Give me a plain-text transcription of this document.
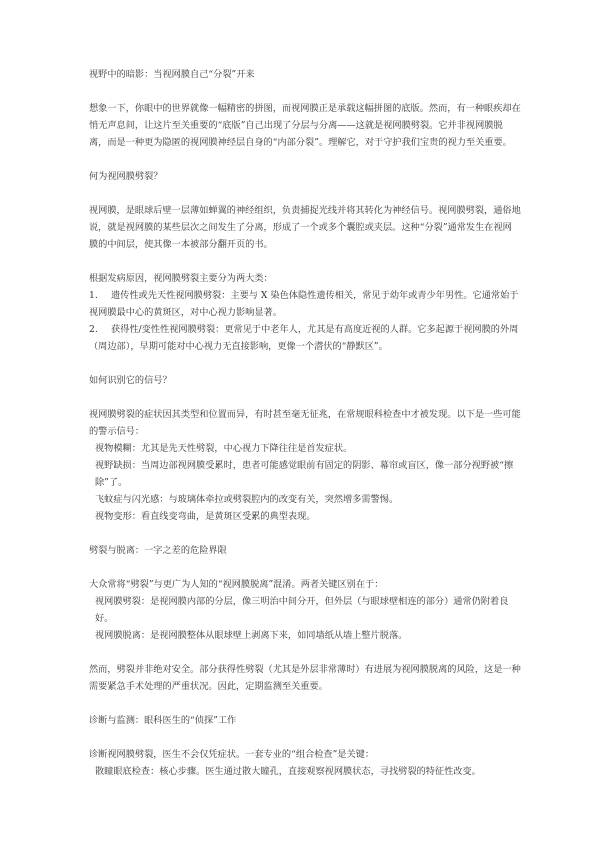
视野中的暗影：当视网膜自己“分裂”开来

想象一下，你眼中的世界就像一幅精密的拼图，而视网膜正是承载这幅拼图的底版。然而，有一种眼疾却在悄无声息间，让这片至关重要的“底版”自己出现了分层与分离——这就是视网膜劈裂。它并非视网膜脱离，而是一种更为隐匿的视网膜神经层自身的“内部分裂”。理解它，对于守护我们宝贵的视力至关重要。

何为视网膜劈裂？

视网膜，是眼球后壁一层薄如蝉翼的神经组织，负责捕捉光线并将其转化为神经信号。视网膜劈裂，通俗地说，就是视网膜的某些层次之间发生了分离，形成了一个或多个囊腔或夹层。这种“分裂”通常发生在视网膜的中间层，使其像一本被部分翻开页的书。

根据发病原因，视网膜劈裂主要分为两大类：

1. 遗传性或先天性视网膜劈裂：主要与 X 染色体隐性遗传相关，常见于幼年或青少年男性。它通常始于视网膜最中心的黄斑区，对中心视力影响显著。
2. 获得性/变性性视网膜劈裂：更常见于中老年人，尤其是有高度近视的人群。它多起源于视网膜的外周（周边部），早期可能对中心视力无直接影响，更像一个潜伏的“静默区”。

如何识别它的信号？

视网膜劈裂的症状因其类型和位置而异，有时甚至毫无征兆，在常规眼科检查中才被发现。以下是一些可能的警示信号：

视物模糊：尤其是先天性劈裂，中心视力下降往往是首发症状。

视野缺损：当周边部视网膜受累时，患者可能感觉眼前有固定的阴影、幕帘或盲区，像一部分视野被“擦除”了。

飞蚊症与闪光感：与玻璃体牵拉或劈裂腔内的改变有关，突然增多需警惕。

视物变形：看直线变弯曲，是黄斑区受累的典型表现。

劈裂与脱离：一字之差的危险界限

大众常将“劈裂”与更广为人知的“视网膜脱离”混淆。两者关键区别在于：

视网膜劈裂：是视网膜内部的分层，像三明治中间分开，但外层（与眼球壁相连的部分）通常仍附着良好。

视网膜脱离：是视网膜整体从眼球壁上剥离下来，如同墙纸从墙上整片脱落。

然而，劈裂并非绝对安全。部分获得性劈裂（尤其是外层非常薄时）有进展为视网膜脱离的风险，这是一种需要紧急手术处理的严重状况。因此，定期监测至关重要。

诊断与监测：眼科医生的“侦探”工作

诊断视网膜劈裂，医生不会仅凭症状。一套专业的“组合检查”是关键：

散瞳眼底检查：核心步骤。医生通过散大瞳孔，直接观察视网膜状态，寻找劈裂的特征性改变。
